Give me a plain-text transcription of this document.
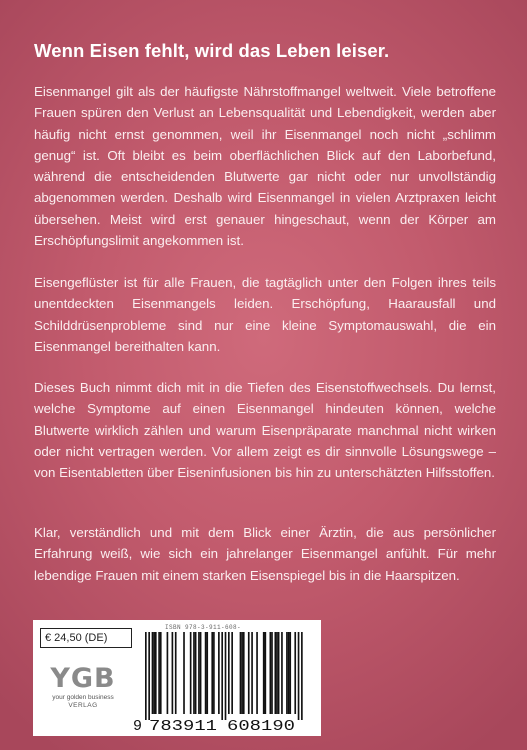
Wenn Eisen fehlt, wird das Leben leiser.

Eisenmangel gilt als der häufigste Nährstoffmangel weltweit. Viele betroffene Frauen spüren den Verlust an Lebensqualität und Lebendigkeit, werden aber häufig nicht ernst genommen, weil ihr Eisenmangel noch nicht „schlimm genug“ ist. Oft bleibt es beim oberflächlichen Blick auf den Laborbefund, während die entscheidenden Blutwerte gar nicht oder nur unvollständig abgenommen werden. Deshalb wird Eisenmangel in vielen Arztpraxen leicht übersehen. Meist wird erst genauer hingeschaut, wenn der Körper am Erschöpfungslimit angekommen ist.

Eisengeflüster ist für alle Frauen, die tagtäglich unter den Folgen ihres teils unentdeckten Eisenmangels leiden. Erschöpfung, Haarausfall und Schilddrüsenprobleme sind nur eine kleine Symptomauswahl, die ein Eisenmangel bereithalten kann.

Dieses Buch nimmt dich mit in die Tiefen des Eisenstoffwechsels. Du lernst, welche Symptome auf einen Eisenmangel hindeuten können, welche Blutwerte wirklich zählen und warum Eisenpräparate manchmal nicht wirken oder nicht vertragen werden. Vor allem zeigt es dir sinnvolle Lösungswege – von Eisentabletten über Eiseninfusionen bis hin zu unterschätzten Hilfsstoffen.

Klar, verständlich und mit dem Blick einer Ärztin, die aus persönlicher Erfahrung weiß, wie sich ein jahrelanger Eisenmangel anfühlt. Für mehr lebendige Frauen mit einem starken Eisenspiegel bis in die Haarspitzen.

€ 24,50 (DE)
YGB
your golden business
VERLAG
ISBN 978-3-911-608-
9 783911 608190
